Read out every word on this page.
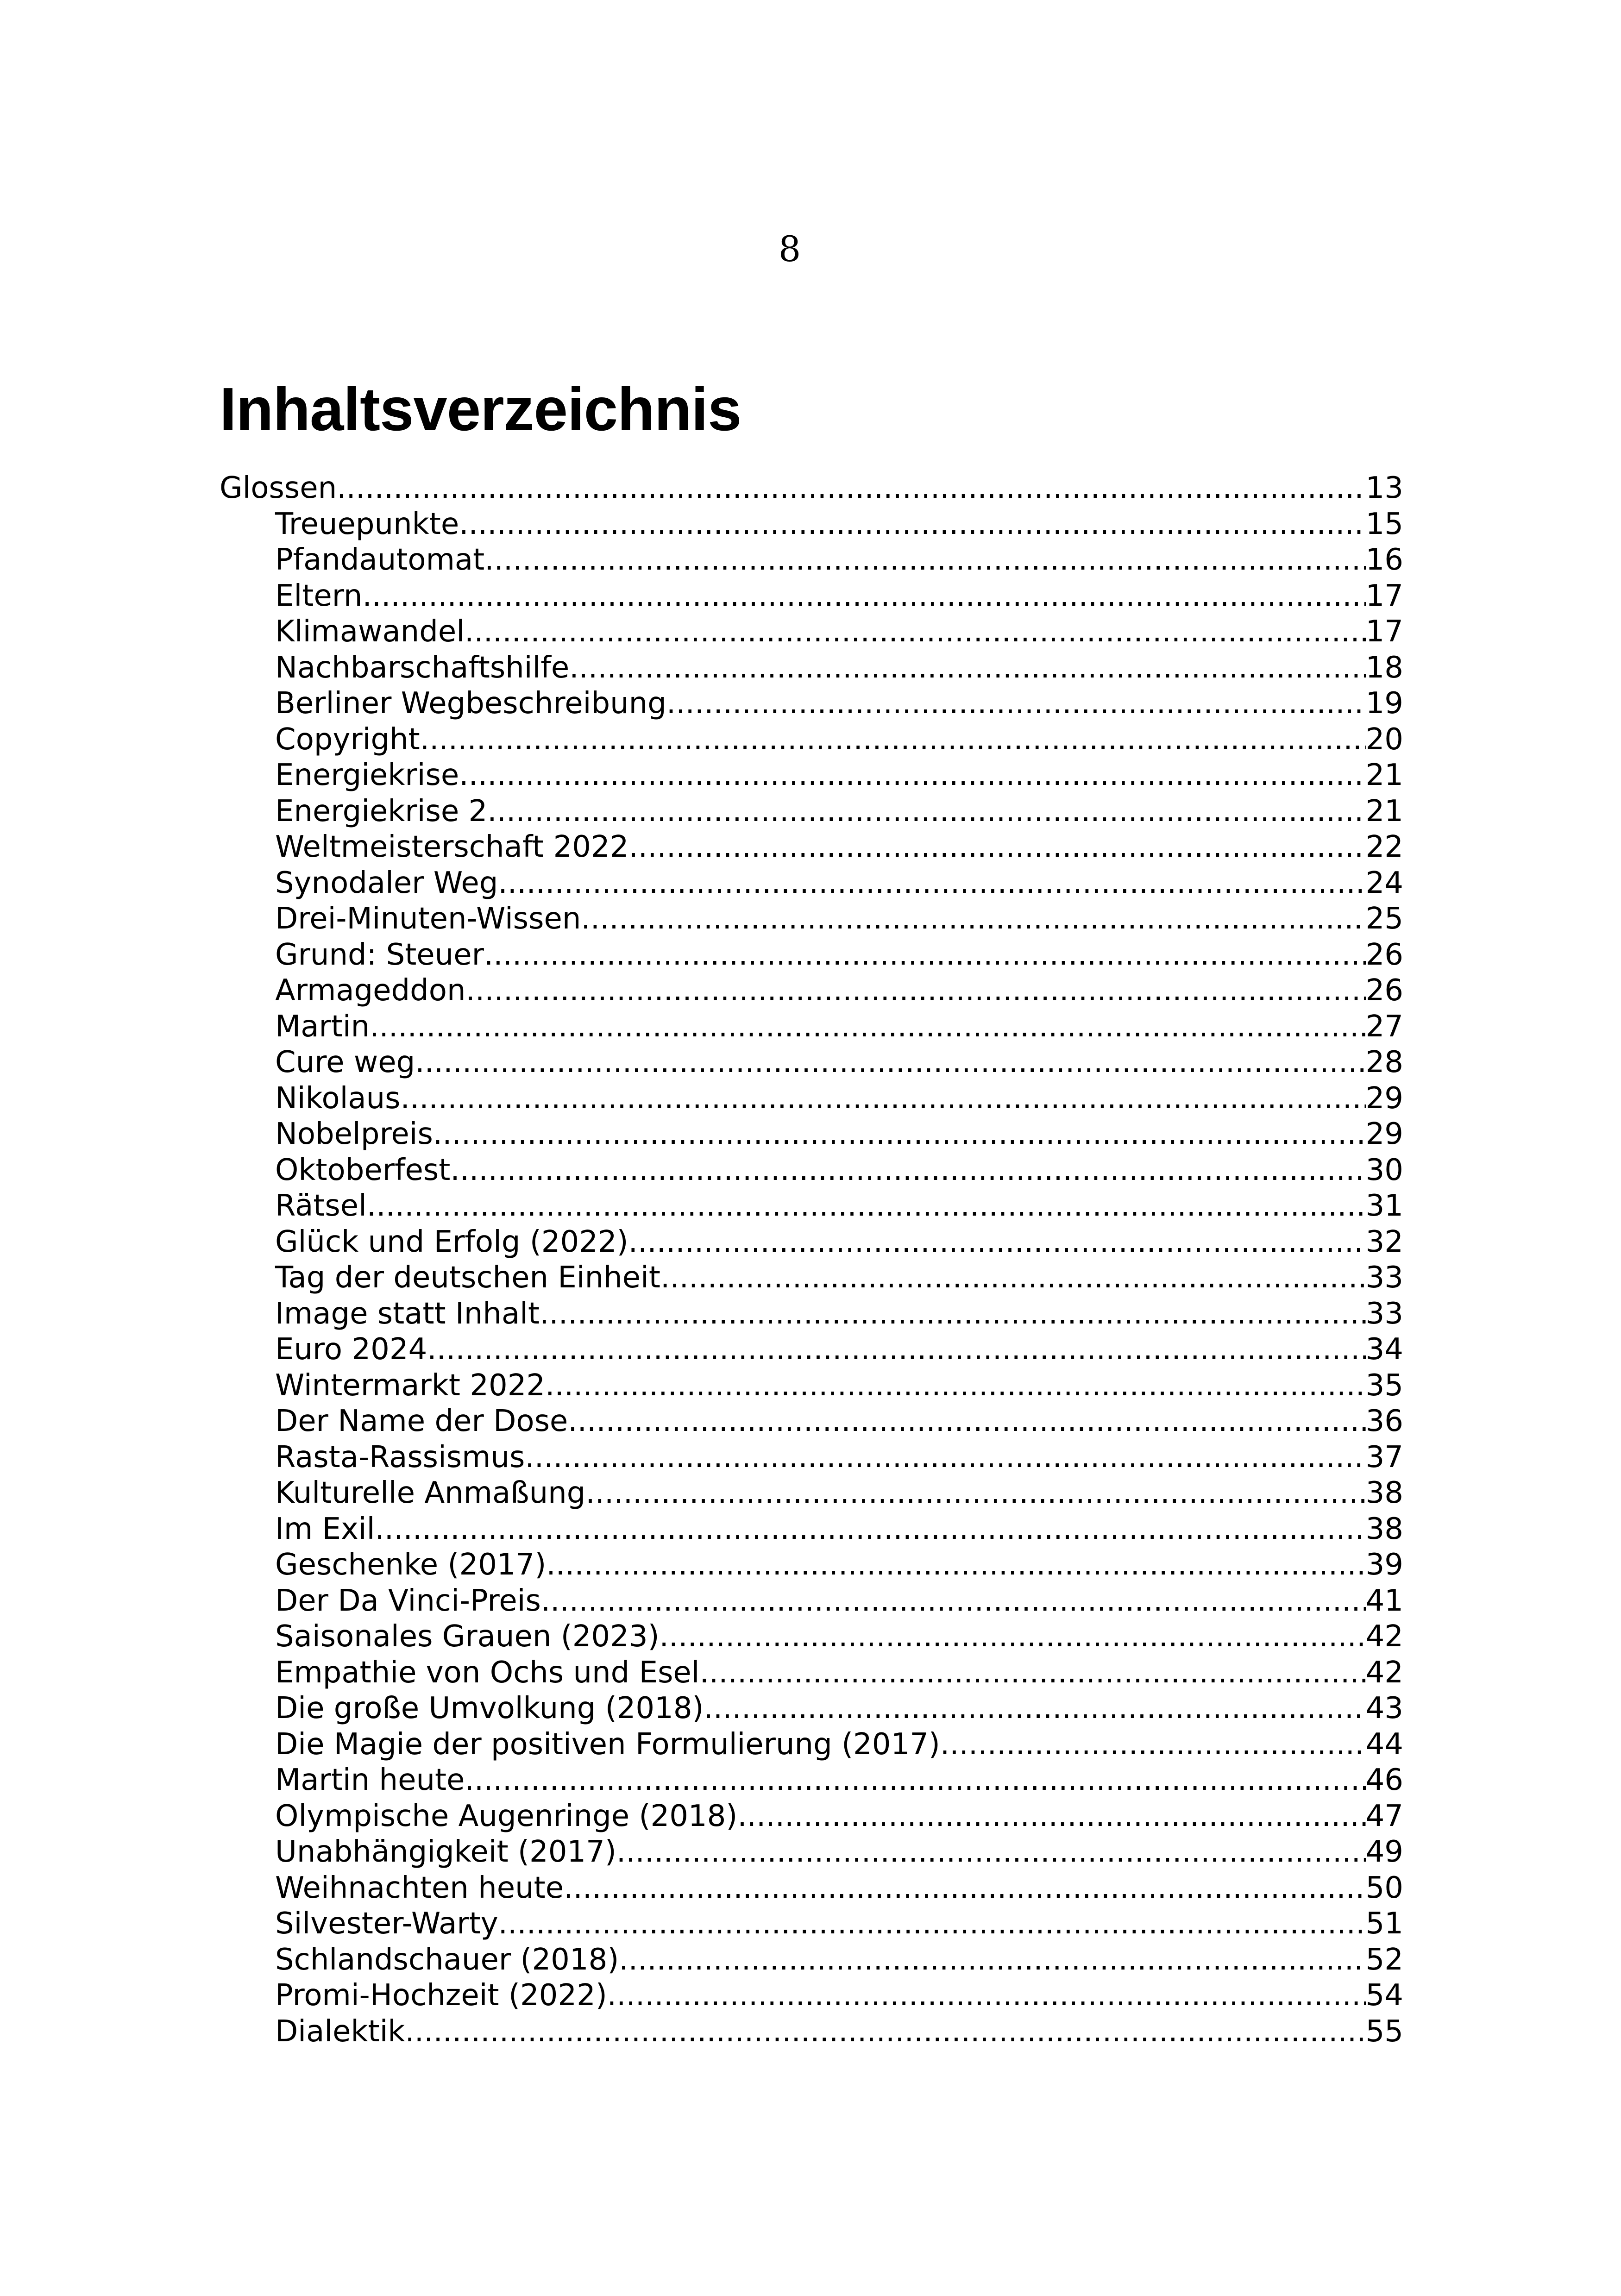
8
Inhaltsverzeichnis
Glossen .....	13
Treuepunkte .....	15
Pfandautomat .....	16
Eltern .....	17
Klimawandel .....	17
Nachbarschaftshilfe .....	18
Berliner Wegbeschreibung .....	19
Copyright .....	20
Energiekrise .....	21
Energiekrise 2 .....	21
Weltmeisterschaft 2022 .....	22
Synodaler Weg .....	24
Drei-Minuten-Wissen .....	25
Grund: Steuer .....	26
Armageddon .....	26
Martin .....	27
Cure weg .....	28
Nikolaus .....	29
Nobelpreis .....	29
Oktoberfest .....	30
Rätsel .....	31
Glück und Erfolg (2022) .....	32
Tag der deutschen Einheit .....	33
Image statt Inhalt .....	33
Euro 2024 .....	34
Wintermarkt 2022 .....	35
Der Name der Dose .....	36
Rasta-Rassismus .....	37
Kulturelle Anmaßung .....	38
Im Exil .....	38
Geschenke (2017) .....	39
Der Da Vinci-Preis .....	41
Saisonales Grauen (2023) .....	42
Empathie von Ochs und Esel .....	42
Die große Umvolkung (2018) .....	43
Die Magie der positiven Formulierung (2017) .....	44
Martin heute .....	46
Olympische Augenringe (2018) .....	47
Unabhängigkeit (2017) .....	49
Weihnachten heute .....	50
Silvester-Warty .....	51
Schlandschauer (2018) .....	52
Promi-Hochzeit (2022) .....	54
Dialektik .....	55
